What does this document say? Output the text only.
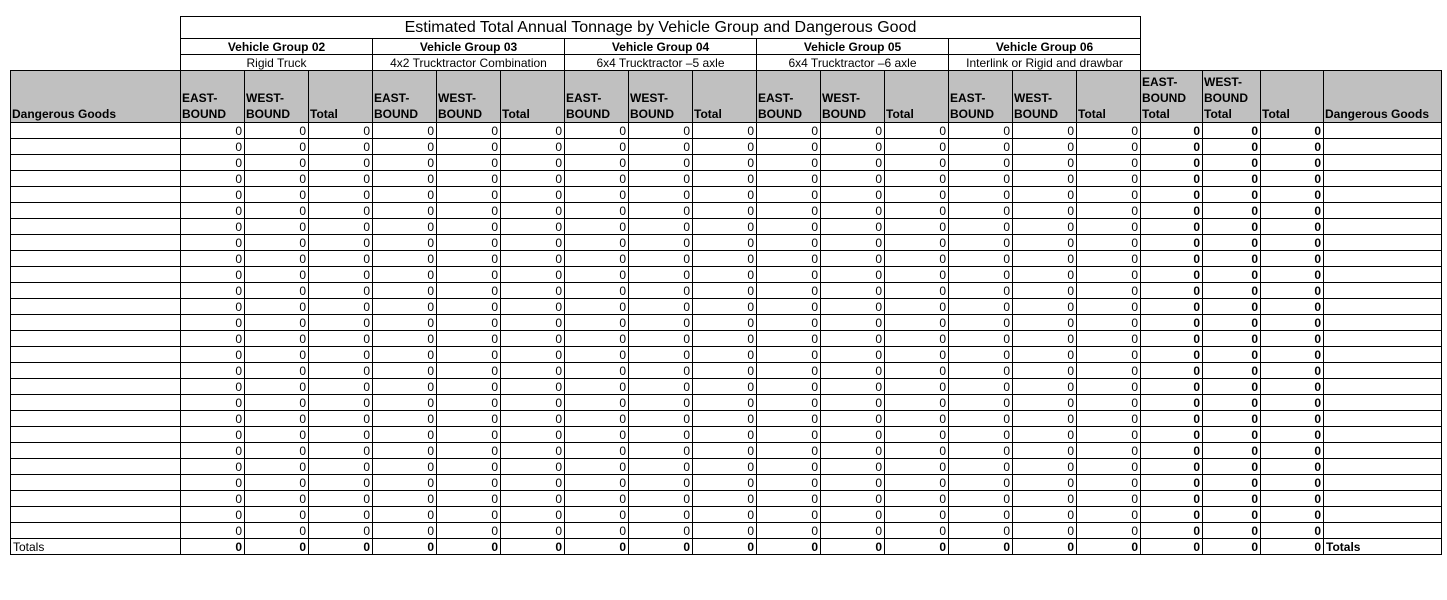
	Estimated Total Annual Tonnage by Vehicle Group and Dangerous Good																		
	Vehicle Group 02			Vehicle Group 03			Vehicle Group 04			Vehicle Group 05			Vehicle Group 06						
	Rigid Truck			4x2 Trucktractor Combination			6x4 Trucktractor –5 axle			6x4 Trucktractor –6 axle			Interlink or Rigid and drawbar						
Dangerous Goods	EAST-BOUND	WEST-BOUND	Total	EAST-BOUND	WEST-BOUND	Total	EAST-BOUND	WEST-BOUND	Total	EAST-BOUND	WEST-BOUND	Total	EAST-BOUND	WEST-BOUND	Total	EAST-BOUND Total	WEST-BOUND Total	Total	Dangerous Goods
	0	0	0	0	0	0	0	0	0	0	0	0	0	0	0	0	0	0	
	0	0	0	0	0	0	0	0	0	0	0	0	0	0	0	0	0	0	
	0	0	0	0	0	0	0	0	0	0	0	0	0	0	0	0	0	0	
	0	0	0	0	0	0	0	0	0	0	0	0	0	0	0	0	0	0	
	0	0	0	0	0	0	0	0	0	0	0	0	0	0	0	0	0	0	
	0	0	0	0	0	0	0	0	0	0	0	0	0	0	0	0	0	0	
	0	0	0	0	0	0	0	0	0	0	0	0	0	0	0	0	0	0	
	0	0	0	0	0	0	0	0	0	0	0	0	0	0	0	0	0	0	
	0	0	0	0	0	0	0	0	0	0	0	0	0	0	0	0	0	0	
	0	0	0	0	0	0	0	0	0	0	0	0	0	0	0	0	0	0	
	0	0	0	0	0	0	0	0	0	0	0	0	0	0	0	0	0	0	
	0	0	0	0	0	0	0	0	0	0	0	0	0	0	0	0	0	0	
	0	0	0	0	0	0	0	0	0	0	0	0	0	0	0	0	0	0	
	0	0	0	0	0	0	0	0	0	0	0	0	0	0	0	0	0	0	
	0	0	0	0	0	0	0	0	0	0	0	0	0	0	0	0	0	0	
	0	0	0	0	0	0	0	0	0	0	0	0	0	0	0	0	0	0	
	0	0	0	0	0	0	0	0	0	0	0	0	0	0	0	0	0	0	
	0	0	0	0	0	0	0	0	0	0	0	0	0	0	0	0	0	0	
	0	0	0	0	0	0	0	0	0	0	0	0	0	0	0	0	0	0	
	0	0	0	0	0	0	0	0	0	0	0	0	0	0	0	0	0	0	
	0	0	0	0	0	0	0	0	0	0	0	0	0	0	0	0	0	0	
	0	0	0	0	0	0	0	0	0	0	0	0	0	0	0	0	0	0	
	0	0	0	0	0	0	0	0	0	0	0	0	0	0	0	0	0	0	
	0	0	0	0	0	0	0	0	0	0	0	0	0	0	0	0	0	0	
	0	0	0	0	0	0	0	0	0	0	0	0	0	0	0	0	0	0	
	0	0	0	0	0	0	0	0	0	0	0	0	0	0	0	0	0	0	
Totals	0	0	0	0	0	0	0	0	0	0	0	0	0	0	0	0	0	0	Totals
